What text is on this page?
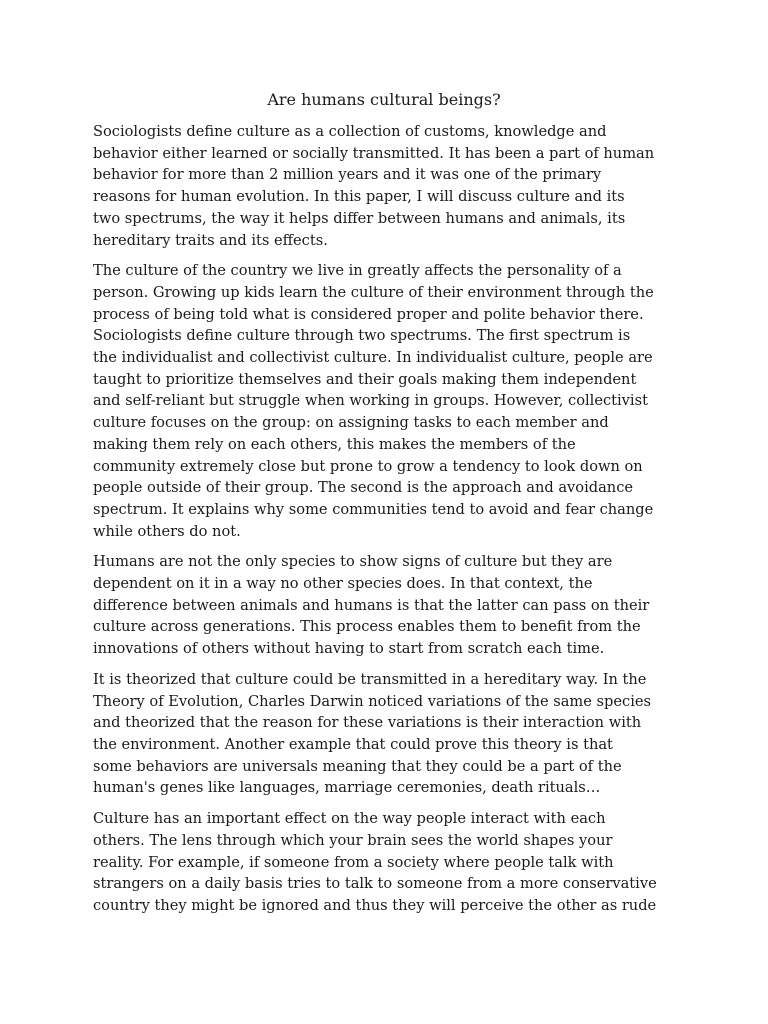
Are humans cultural beings?

Sociologists define culture as a collection of customs, knowledge and
behavior either learned or socially transmitted. It has been a part of human
behavior for more than 2 million years and it was one of the primary
reasons for human evolution. In this paper, I will discuss culture and its
two spectrums, the way it helps differ between humans and animals, its
hereditary traits and its effects.

The culture of the country we live in greatly affects the personality of a
person. Growing up kids learn the culture of their environment through the
process of being told what is considered proper and polite behavior there.
Sociologists define culture through two spectrums. The first spectrum is
the individualist and collectivist culture. In individualist culture, people are
taught to prioritize themselves and their goals making them independent
and self-reliant but struggle when working in groups. However, collectivist
culture focuses on the group: on assigning tasks to each member and
making them rely on each others, this makes the members of the
community extremely close but prone to grow a tendency to look down on
people outside of their group. The second is the approach and avoidance
spectrum. It explains why some communities tend to avoid and fear change
while others do not.

Humans are not the only species to show signs of culture but they are
dependent on it in a way no other species does. In that context, the
difference between animals and humans is that the latter can pass on their
culture across generations. This process enables them to benefit from the
innovations of others without having to start from scratch each time.

It is theorized that culture could be transmitted in a hereditary way. In the
Theory of Evolution, Charles Darwin noticed variations of the same species
and theorized that the reason for these variations is their interaction with
the environment. Another example that could prove this theory is that
some behaviors are universals meaning that they could be a part of the
human's genes like languages, marriage ceremonies, death rituals…

Culture has an important effect on the way people interact with each
others. The lens through which your brain sees the world shapes your
reality. For example, if someone from a society where people talk with
strangers on a daily basis tries to talk to someone from a more conservative
country they might be ignored and thus they will perceive the other as rude
